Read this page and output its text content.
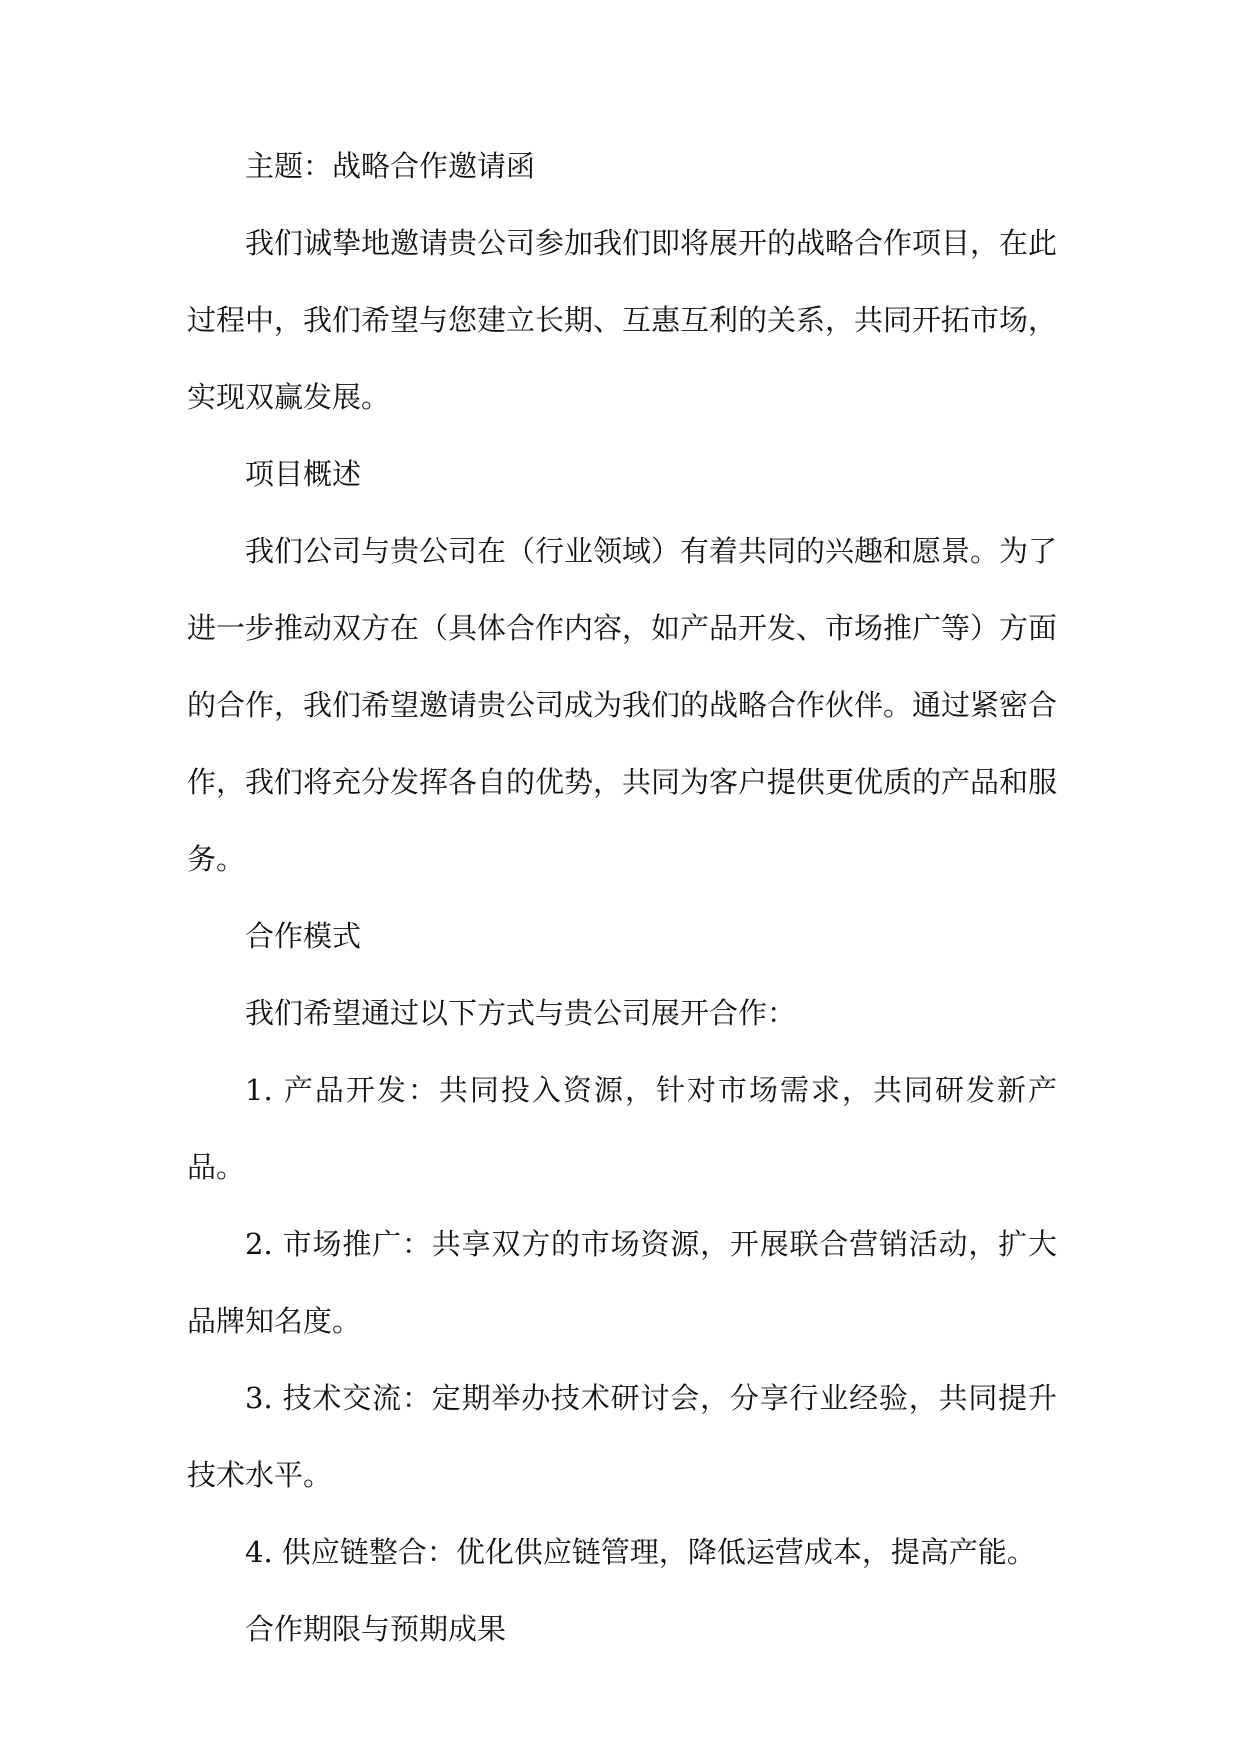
主题：战略合作邀请函

我们诚挚地邀请贵公司参加我们即将展开的战略合作项目，在此过程中，我们希望与您建立长期、互惠互利的关系，共同开拓市场，实现双赢发展。

项目概述

我们公司与贵公司在（行业领域）有着共同的兴趣和愿景。为了进一步推动双方在（具体合作内容，如产品开发、市场推广等）方面的合作，我们希望邀请贵公司成为我们的战略合作伙伴。通过紧密合作，我们将充分发挥各自的优势，共同为客户提供更优质的产品和服务。

合作模式

我们希望通过以下方式与贵公司展开合作：

1. 产品开发：共同投入资源，针对市场需求，共同研发新产品。

2. 市场推广：共享双方的市场资源，开展联合营销活动，扩大品牌知名度。

3. 技术交流：定期举办技术研讨会，分享行业经验，共同提升技术水平。

4. 供应链整合：优化供应链管理，降低运营成本，提高产能。

合作期限与预期成果
